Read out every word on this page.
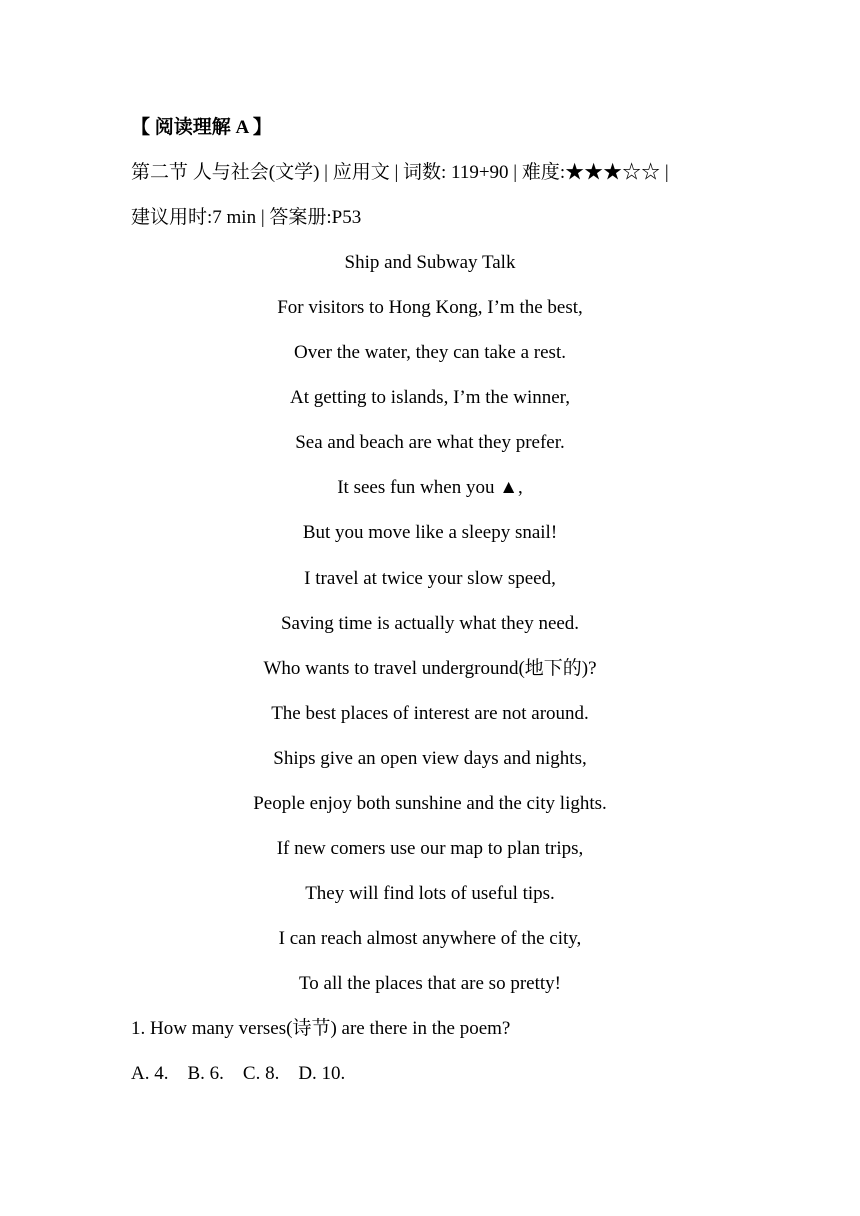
【 阅读理解 A 】
第二节 人与社会(文学) | 应用文 | 词数: 119+90 | 难度:★★★☆☆ |
建议用时:7 min | 答案册:P53
Ship and Subway Talk
For visitors to Hong Kong, I’m the best,
Over the water, they can take a rest.
At getting to islands, I’m the winner,
Sea and beach are what they prefer.
It sees fun when you ▲,
But you move like a sleepy snail!
I travel at twice your slow speed,
Saving time is actually what they need.
Who wants to travel underground(地下的)?
The best places of interest are not around.
Ships give an open view days and nights,
People enjoy both sunshine and the city lights.
If new comers use our map to plan trips,
They will find lots of useful tips.
I can reach almost anywhere of the city,
To all the places that are so pretty!
1. How many verses(诗节) are there in the poem?
A. 4.    B. 6.    C. 8.    D. 10.
